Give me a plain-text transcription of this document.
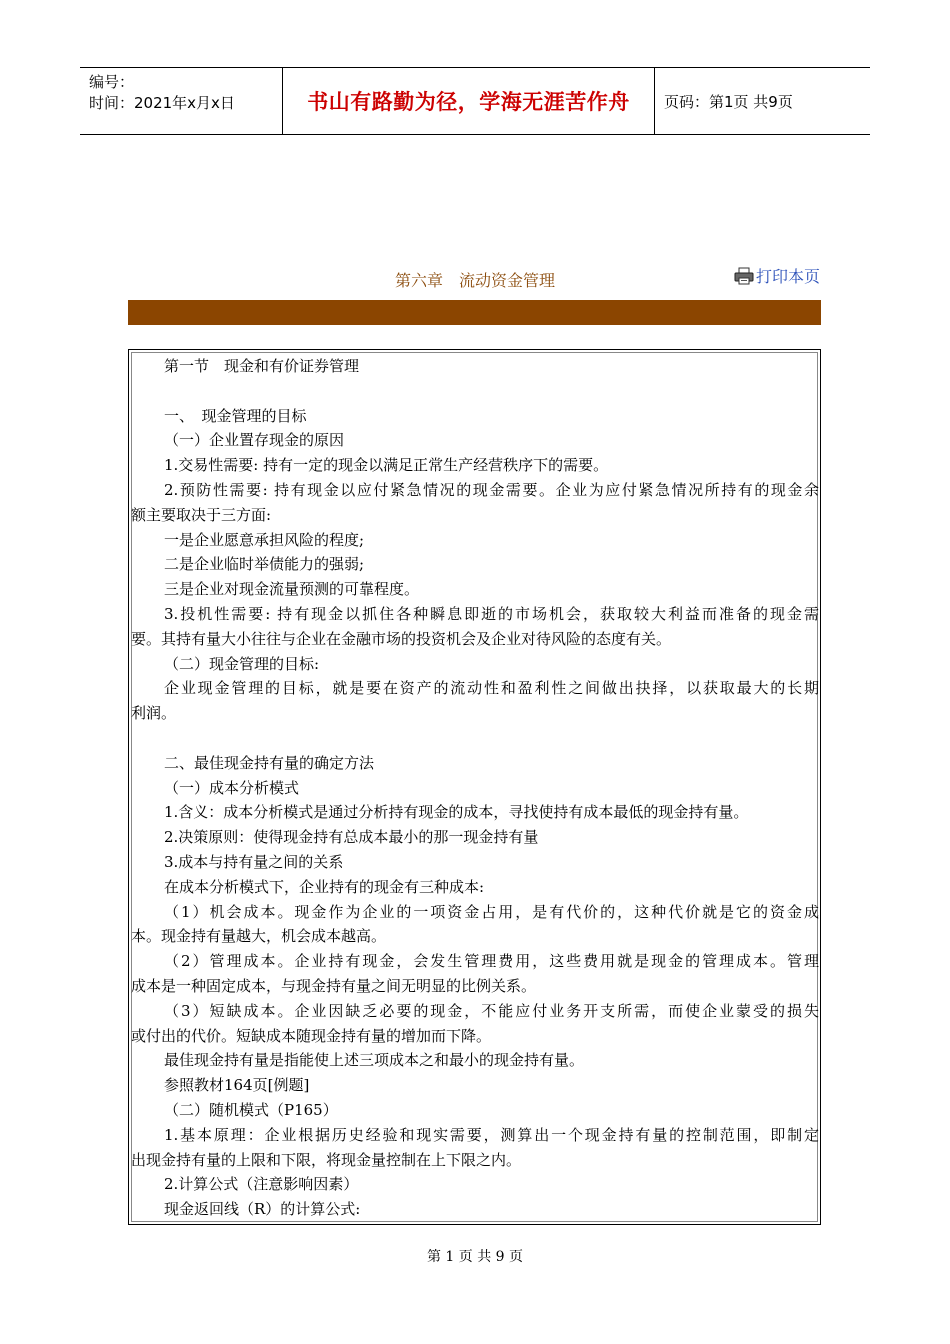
编号：
时间：2021年x月x日	书山有路勤为径，学海无涯苦作舟	页码：第1页 共9页
第六章　流动资金管理	打印本页
第一节　现金和有价证券管理
一、　现金管理的目标
（一）企业置存现金的原因
1.交易性需要: 持有一定的现金以满足正常生产经营秩序下的需要。
2.预防性需要: 持有现金以应付紧急情况的现金需要。企业为应付紧急情况所持有的现金余
额主要取决于三方面:
一是企业愿意承担风险的程度;
二是企业临时举债能力的强弱;
三是企业对现金流量预测的可靠程度。
3.投机性需要: 持有现金以抓住各种瞬息即逝的市场机会，获取较大利益而准备的现金需
要。其持有量大小往往与企业在金融市场的投资机会及企业对待风险的态度有关。
（二）现金管理的目标:
企业现金管理的目标，就是要在资产的流动性和盈利性之间做出抉择，以获取最大的长期
利润。
二、最佳现金持有量的确定方法
（一）成本分析模式
1.含义：成本分析模式是通过分析持有现金的成本，寻找使持有成本最低的现金持有量。
2.决策原则：使得现金持有总成本最小的那一现金持有量
3.成本与持有量之间的关系
在成本分析模式下，企业持有的现金有三种成本:
（1）机会成本。现金作为企业的一项资金占用，是有代价的，这种代价就是它的资金成
本。现金持有量越大，机会成本越高。
（2）管理成本。企业持有现金，会发生管理费用，这些费用就是现金的管理成本。管理
成本是一种固定成本，与现金持有量之间无明显的比例关系。
（3）短缺成本。企业因缺乏必要的现金，不能应付业务开支所需，而使企业蒙受的损失
或付出的代价。短缺成本随现金持有量的增加而下降。
最佳现金持有量是指能使上述三项成本之和最小的现金持有量。
参照教材164页[例题]
（二）随机模式（P165）
1.基本原理：企业根据历史经验和现实需要，测算出一个现金持有量的控制范围，即制定
出现金持有量的上限和下限，将现金量控制在上下限之内。
2.计算公式（注意影响因素）
现金返回线（R）的计算公式:
第 1 页 共 9 页
